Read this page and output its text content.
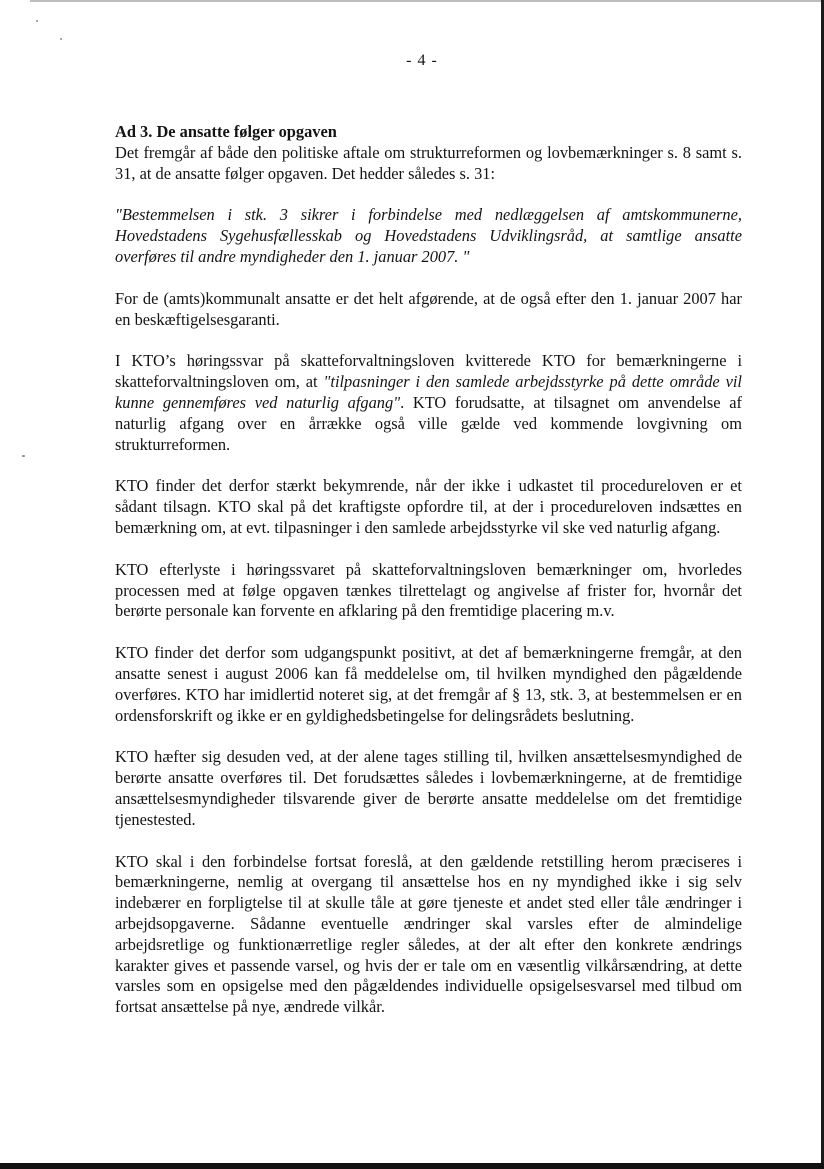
- 4 -
Ad 3. De ansatte følger opgaven

Det fremgår af både den politiske aftale om strukturreformen og lovbemærkninger s. 8 samt s. 31, at de ansatte følger opgaven. Det hedder således s. 31:

"Bestemmelsen i stk. 3 sikrer i forbindelse med nedlæggelsen af amtskommunerne, Hovedstadens Sygehusfællesskab og Hovedstadens Udviklingsråd, at samtlige ansatte overføres til andre myndigheder den 1. januar 2007. "

For de (amts)kommunalt ansatte er det helt afgørende, at de også efter den 1. januar 2007 har en beskæftigelsesgaranti.

I KTO’s høringssvar på skatteforvaltningsloven kvitterede KTO for bemærkningerne i skatteforvaltningsloven om, at "tilpasninger i den samlede arbejdsstyrke på dette område vil kunne gennemføres ved naturlig afgang". KTO forudsatte, at tilsagnet om anvendelse af naturlig afgang over en årrække også ville gælde ved kommende lovgivning om strukturreformen.

KTO finder det derfor stærkt bekymrende, når der ikke i udkastet til procedureloven er et sådant tilsagn. KTO skal på det kraftigste opfordre til, at der i procedureloven indsættes en bemærkning om, at evt. tilpasninger i den samlede arbejdsstyrke vil ske ved naturlig afgang.

KTO efterlyste i høringssvaret på skatteforvaltningsloven bemærkninger om, hvorledes processen med at følge opgaven tænkes tilrettelagt og angivelse af frister for, hvornår det berørte personale kan forvente en afklaring på den fremtidige placering m.v.

KTO finder det derfor som udgangspunkt positivt, at det af bemærkningerne fremgår, at den ansatte senest i august 2006 kan få meddelelse om, til hvilken myndighed den pågældende overføres. KTO har imidlertid noteret sig, at det fremgår af § 13, stk. 3, at bestemmelsen er en ordensforskrift og ikke er en gyldighedsbetingelse for delingsrådets beslutning.

KTO hæfter sig desuden ved, at der alene tages stilling til, hvilken ansættelsesmyndighed de berørte ansatte overføres til. Det forudsættes således i lovbemærkningerne, at de fremtidige ansættelsesmyndigheder tilsvarende giver de berørte ansatte meddelelse om det fremtidige tjenestested.

KTO skal i den forbindelse fortsat foreslå, at den gældende retstilling herom præciseres i bemærkningerne, nemlig at overgang til ansættelse hos en ny myndighed ikke i sig selv indebærer en forpligtelse til at skulle tåle at gøre tjeneste et andet sted eller tåle ændringer i arbejdsopgaverne. Sådanne eventuelle ændringer skal varsles efter de almindelige arbejdsretlige og funktionærretlige regler således, at der alt efter den konkrete ændrings karakter gives et passende varsel, og hvis der er tale om en væsentlig vilkårsændring, at dette varsles som en opsigelse med den pågældendes individuelle opsigelsesvarsel med tilbud om fortsat ansættelse på nye, ændrede vilkår.
